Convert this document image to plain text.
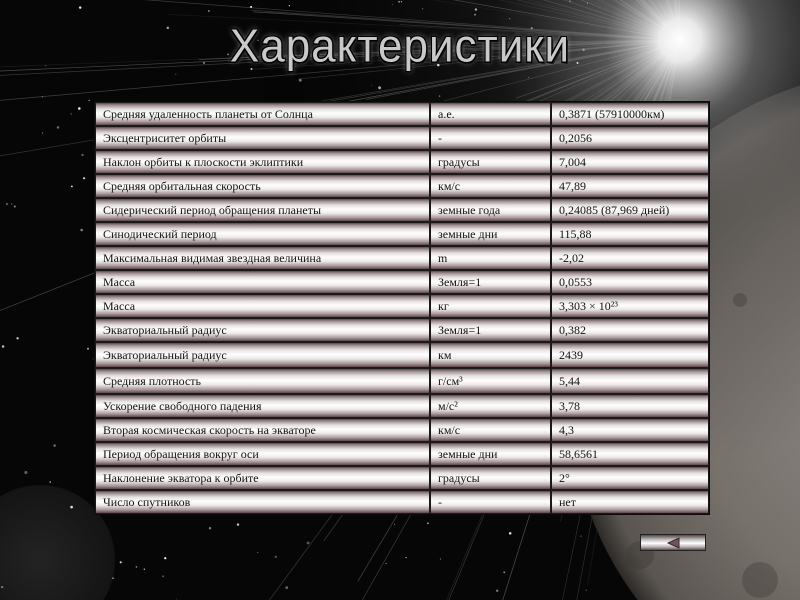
Характеристики
Средняя удаленность планеты от Солнца	а.е.	0,3871 (57910000км)
Эксцентриситет орбиты	-	0,2056
Наклон орбиты к плоскости эклиптики	градусы	7,004
Средняя орбитальная скорость	км/с	47,89
Сидерический период обращения планеты	земные года	0,24085 (87,969 дней)
Синодический период	земные дни	115,88
Максимальная видимая звездная величина	m	-2,02
Масса	Земля=1	0,0553
Масса	кг	3,303 × 10²³
Экваториальный радиус	Земля=1	0,382
Экваториальный радиус	км	2439
Средняя плотность	г/см³	5,44
Ускорение свободного падения	м/с²	3,78
Вторая космическая скорость на экваторе	км/с	4,3
Период обращения вокруг оси	земные дни	58,6561
Наклонение экватора к орбите	градусы	2°
Число спутников	-	нет
